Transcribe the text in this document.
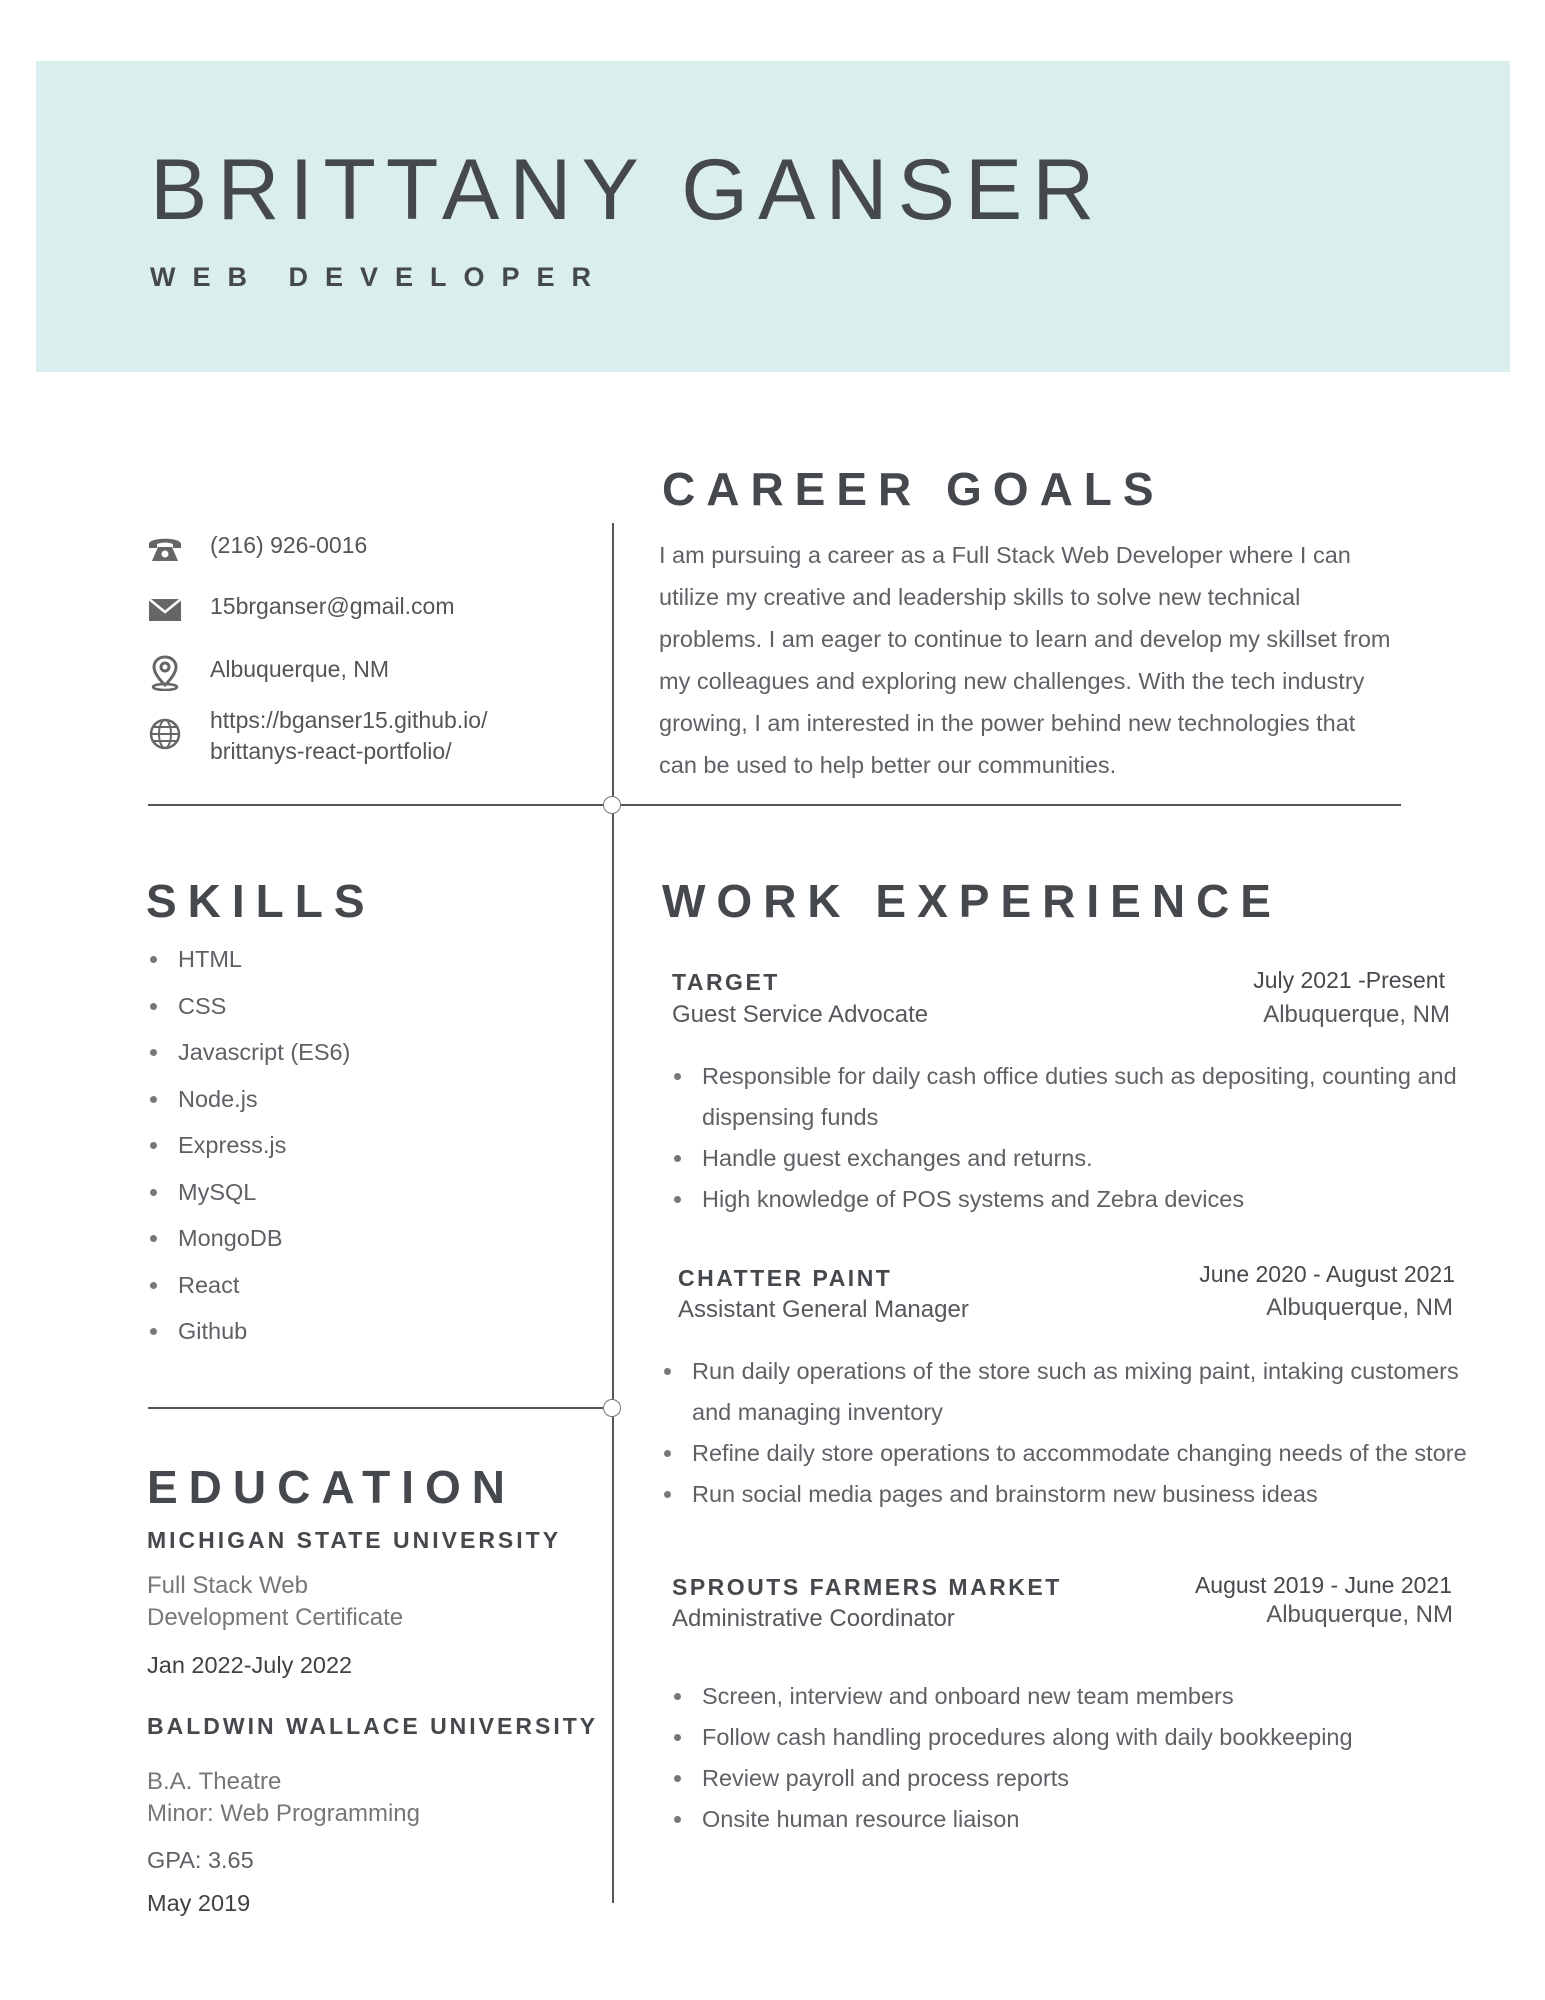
BRITTANY GANSER
WEB DEVELOPER
(216) 926-0016
15brganser@gmail.com
Albuquerque, NM
https://bganser15.github.io/
brittanys-react-portfolio/
CAREER GOALS

I am pursuing a career as a Full Stack Web Developer where I can
utilize my creative and leadership skills to solve new technical
problems. I am eager to continue to learn and develop my skillset from
my colleagues and exploring new challenges. With the tech industry
growing, I am interested in the power behind new technologies that
can be used to help better our communities.

SKILLS
HTML
CSS
Javascript (ES6)
Node.js
Express.js
MySQL
MongoDB
React
Github
EDUCATION
MICHIGAN STATE UNIVERSITY
Full Stack Web
Development Certificate
Jan 2022-July 2022
BALDWIN WALLACE UNIVERSITY
B.A. Theatre
Minor: Web Programming
GPA: 3.65
May 2019
WORK EXPERIENCE
TARGET
Guest Service Advocate
July 2021 -Present
Albuquerque, NM
Responsible for daily cash office duties such as depositing, counting and
dispensing funds
Handle guest exchanges and returns.
High knowledge of POS systems and Zebra devices
CHATTER PAINT
Assistant General Manager
June 2020 - August 2021
Albuquerque, NM
Run daily operations of the store such as mixing paint, intaking customers
and managing inventory
Refine daily store operations to accommodate changing needs of the store
Run social media pages and brainstorm new business ideas
SPROUTS FARMERS MARKET
Administrative Coordinator
August 2019 - June 2021
Albuquerque, NM
Screen, interview and onboard new team members
Follow cash handling procedures along with daily bookkeeping
Review payroll and process reports
Onsite human resource liaison
